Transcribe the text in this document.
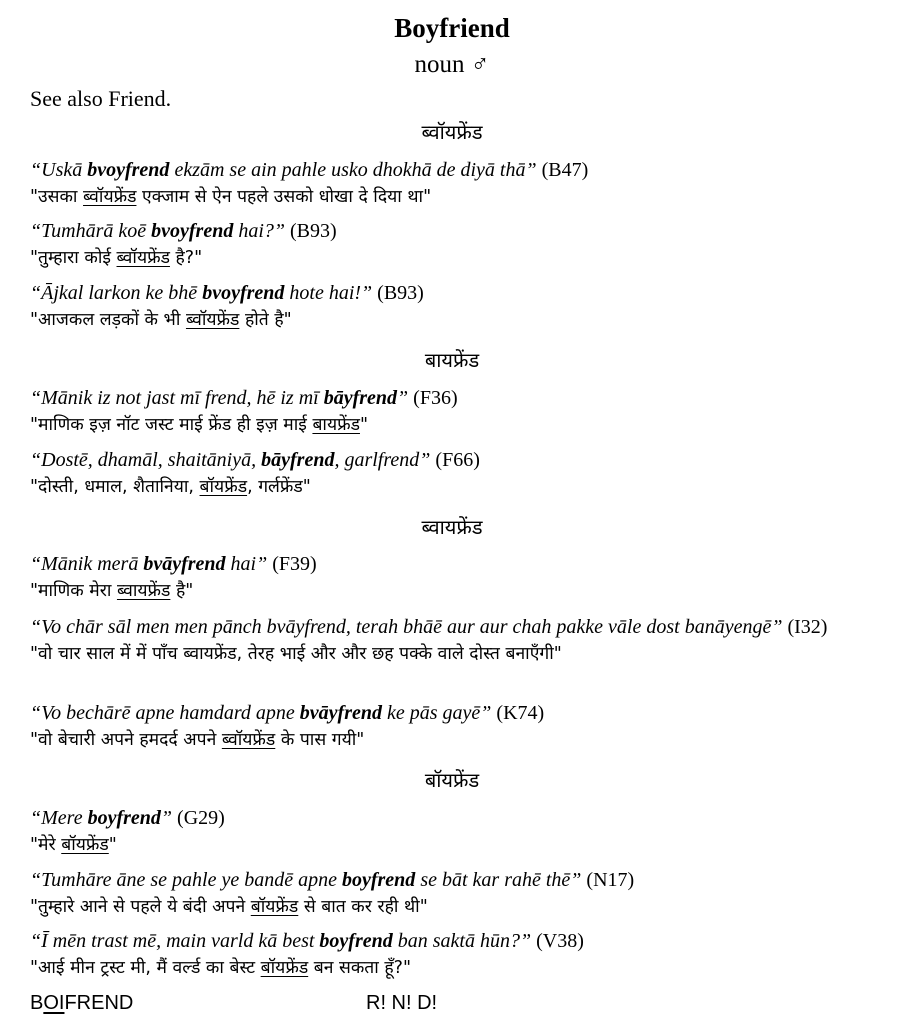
Boyfriend
noun ♂
See also Friend.
ब्वॉयफ्रेंड
“Uskā bvoyfrend ekzām se ain pahle usko dhokhā de diyā thā” (B47)
"उसका ब्वॉयफ्रेंड एक्जाम से ऐन पहले उसको धोखा दे दिया था"
“Tumhārā koē bvoyfrend hai?” (B93)
"तुम्हारा कोई ब्वॉयफ्रेंड है?"
“Ājkal larkon ke bhē bvoyfrend hote hai!” (B93)
"आजकल लड़कों के भी ब्वॉयफ्रेंड होते है"
बायफ्रेंड
“Mānik iz not jast mī frend, hē iz mī bāyfrend” (F36)
"माणिक इज़ नॉट जस्ट माई फ्रेंड ही इज़ माई बायफ्रेंड"
“Dostē, dhamāl, shaitāniyā, bāyfrend, garlfrend” (F66)
"दोस्ती, धमाल, शैतानिया, बॉयफ्रेंड, गर्लफ्रेंड"
ब्वायफ्रेंड
“Mānik merā bvāyfrend hai” (F39)
"माणिक मेरा ब्वायफ्रेंड है"
“Vo chār sāl men men pānch bvāyfrend, terah bhāē aur aur chah pakke vāle dost banāyengē” (I32)
"वो चार साल में में पाँच ब्वायफ्रेंड, तेरह भाई और और छह पक्के वाले दोस्त बनाएँगी"
“Vo bechārē apne hamdard apne bvāyfrend ke pās gayē” (K74)
"वो बेचारी अपने हमदर्द अपने ब्वॉयफ्रेंड के पास गयी"
बॉयफ्रेंड
“Mere boyfrend” (G29)
"मेरे बॉयफ्रेंड"
“Tumhāre āne se pahle ye bandē apne boyfrend se bāt kar rahē thē” (N17)
"तुम्हारे आने से पहले ये बंदी अपने बॉयफ्रेंड से बात कर रही थी"
“Ī mēn trast mē, main varld kā best boyfrend ban saktā hūn?” (V38)
"आई मीन ट्रस्ट मी, मैं वर्ल्ड का बेस्ट बॉयफ्रेंड बन सकता हूँ?"
BOIFREND	R! N! D!
